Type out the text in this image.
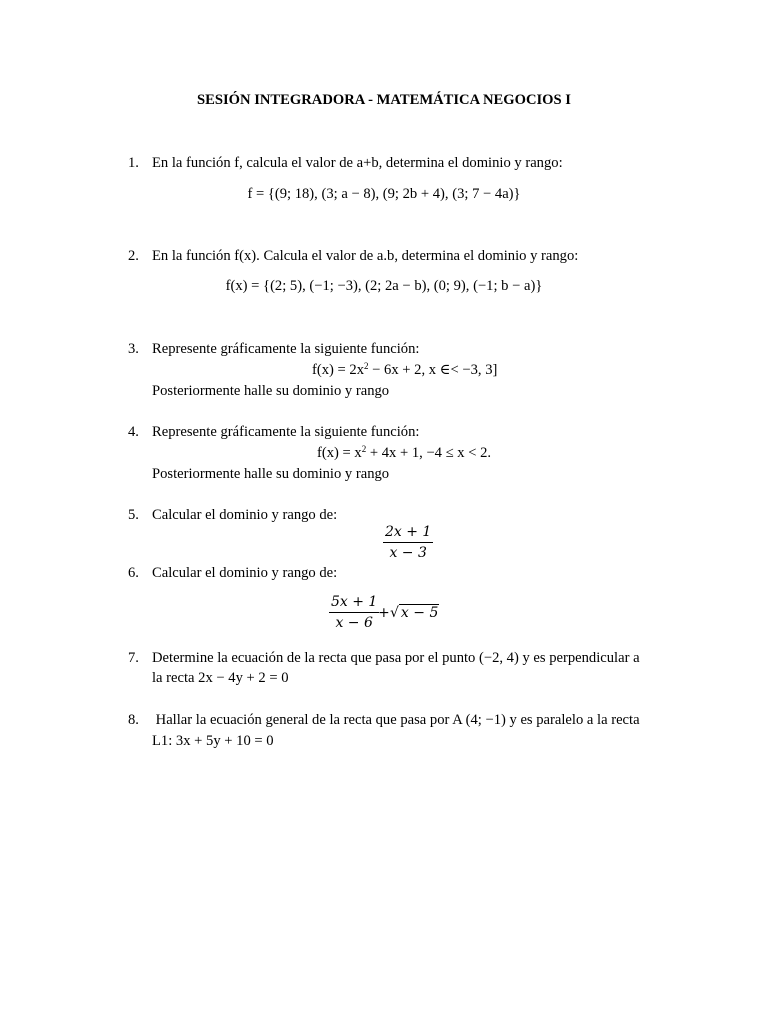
SESIÓN INTEGRADORA - MATEMÁTICA NEGOCIOS I
1. En la función f, calcula el valor de a+b, determina el dominio y rango:
f = {(9; 18), (3; a − 8), (9; 2b + 4), (3; 7 − 4a)}
2. En la función f(x). Calcula el valor de a.b, determina el dominio y rango:
f(x) = {(2; 5), (−1; −3), (2; 2a − b), (0; 9), (−1; b − a)}
3. Represente gráficamente la siguiente función:
$f(x) = 2x^2 - 6x + 2$, x ∈< −3, 3]
Posteriormente halle su dominio y rango
4. Represente gráficamente la siguiente función:
$f(x) = x^2 + 4x + 1$, −4 ≤ x < 2.
Posteriormente halle su dominio y rango
5. Calcular el dominio y rango de:
2x + 1
x − 3
6. Calcular el dominio y rango de:
5x + 1
x − 6
+ √ x − 5
7. Determine la ecuación de la recta que pasa por el punto (−2, 4) y es perpendicular a
la recta 2x − 4y + 2 = 0
8. Hallar la ecuación general de la recta que pasa por A (4; −1) y es paralelo a la recta
L1: 3x + 5y + 10 = 0
